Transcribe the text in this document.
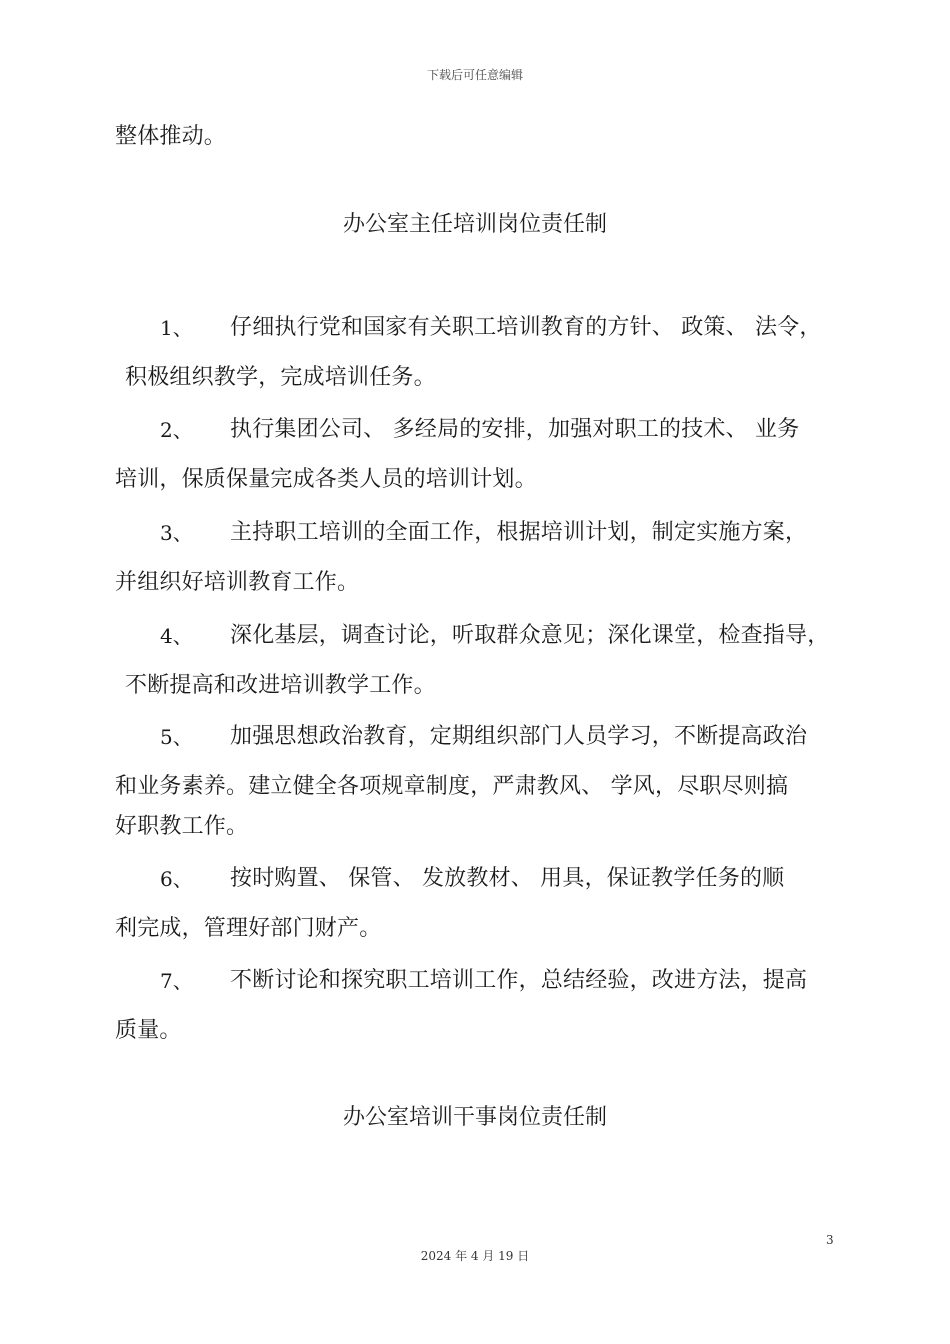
下载后可任意编辑
整体推动。
办公室主任培训岗位责任制
1、 仔细执行党和国家有关职工培训教育的方针、 政策、 法令，
积极组织教学，完成培训任务。
2、 执行集团公司、 多经局的安排，加强对职工的技术、 业务
培训，保质保量完成各类人员的培训计划。
3、 主持职工培训的全面工作，根据培训计划，制定实施方案，
并组织好培训教育工作。
4、 深化基层，调查讨论，听取群众意见；深化课堂，检查指导，
不断提高和改进培训教学工作。
5、 加强思想政治教育，定期组织部门人员学习，不断提高政治
和业务素养。建立健全各项规章制度，严肃教风、 学风，尽职尽则搞
好职教工作。
6、 按时购置、 保管、 发放教材、 用具，保证教学任务的顺
利完成，管理好部门财产。
7、 不断讨论和探究职工培训工作，总结经验，改进方法，提高
质量。
办公室培训干事岗位责任制
3
2024 年 4 月 19 日
